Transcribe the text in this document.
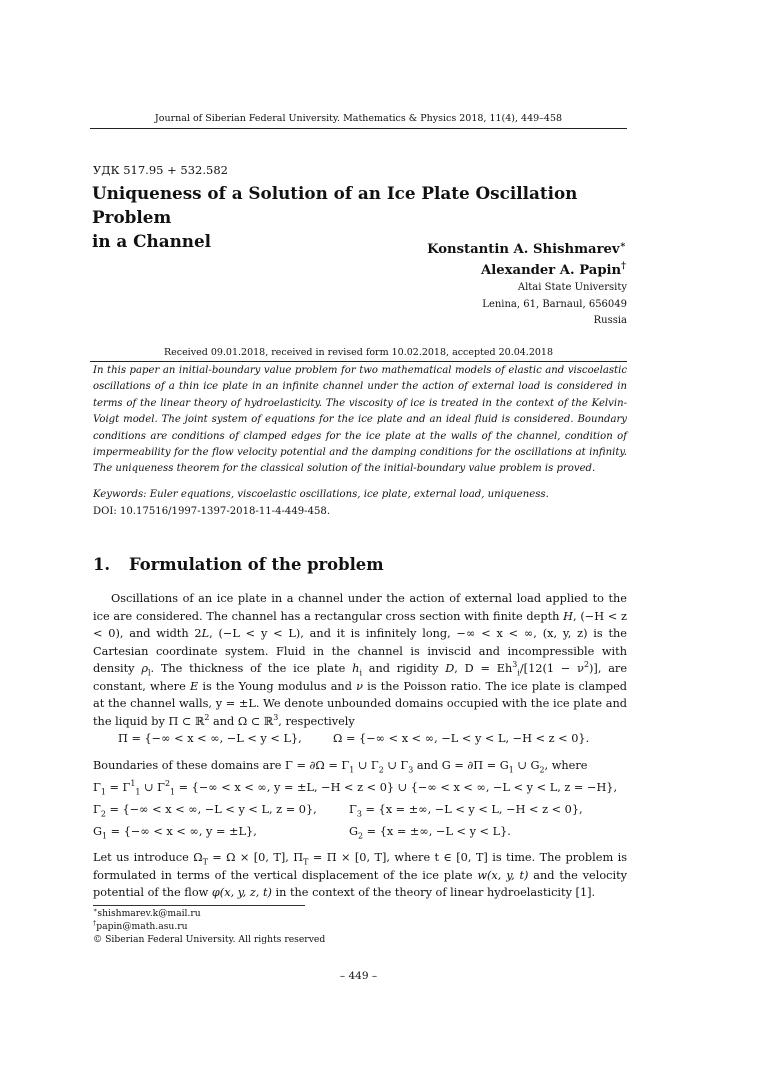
Journal of Siberian Federal University. Mathematics & Physics 2018, 11(4), 449–458
УДК 517.95 + 532.582
Uniqueness of a Solution of an Ice Plate Oscillation Problem
in a Channel	Konstantin A. Shishmarev∗
Alexander A. Papin†
Altai State University
Lenina, 61, Barnaul, 656049
Russia
Received 09.01.2018, received in revised form 10.02.2018, accepted 20.04.2018
In this paper an initial-boundary value problem for two mathematical models of elastic and viscoelastic oscillations of a thin ice plate in an infinite channel under the action of external load is considered in terms of the linear theory of hydroelasticity. The viscosity of ice is treated in the context of the Kelvin-Voigt model. The joint system of equations for the ice plate and an ideal fluid is considered. Boundary conditions are conditions of clamped edges for the ice plate at the walls of the channel, condition of impermeability for the flow velocity potential and the damping conditions for the oscillations at infinity. The uniqueness theorem for the classical solution of the initial-boundary value problem is proved.
Keywords: Euler equations, viscoelastic oscillations, ice plate, external load, uniqueness.
DOI: 10.17516/1997-1397-2018-11-4-449-458.
1. Formulation of the problem
Oscillations of an ice plate in a channel under the action of external load applied to the ice are considered. The channel has a rectangular cross section with finite depth H, (−H < z < 0), and width 2L, (−L < y < L), and it is infinitely long, −∞ < x < ∞, (x, y, z) is the Cartesian coordinate system. Fluid in the channel is inviscid and incompressible with density $\rho_l$. The thickness of the ice plate $h_i$ and rigidity D, $D = Eh^3_i/[12(1 - \nu^2)]$, are constant, where E is the Young modulus and ν is the Poisson ratio. The ice plate is clamped at the channel walls, y = ±L. We denote unbounded domains occupied with the ice plate and the liquid by Π ⊂ ℝ$^2$ and Ω ⊂ ℝ$^3$, respectively
Π = {−∞ < x < ∞, −L < y < L},	Ω = {−∞ < x < ∞, −L < y < L, −H < z < 0}.
Boundaries of these domains are $\Gamma = \partial\Omega = \Gamma_1$ ∪ $\Gamma_2$ ∪ $\Gamma_3$ and $G = \partial\Pi = G_1$ ∪ $G_2$, where
$\Gamma_1 = \Gamma^1_1$ ∪ $\Gamma^2_1$ = {−∞ < x < ∞, y = ±L, −H < z < 0} ∪ {−∞ < x < ∞, −L < y < L, z = −H},
$\Gamma_2$ = {−∞ < x < ∞, −L < y < L, z = 0},	$\Gamma_3 = \{x$ = ±∞, −L < y < L, −H < z < 0},
$G_1$ = {−∞ < x < ∞, y = ±L},	$G_2 = \{x$ = ±∞, −L < y < L}.
Let us introduce $\Omega_T = \Omega \times [0$, T], $\Pi_T = \Pi \times [0$, T], where t ∈ [0, T] is time. The problem is formulated in terms of the vertical displacement of the ice plate w(x, y, t) and the velocity potential of the flow φ(x, y, z, t) in the context of the theory of linear hydroelasticity [1].
∗shishmarev.k@mail.ru
†papin@math.asu.ru
© Siberian Federal University. All rights reserved
– 449 –
